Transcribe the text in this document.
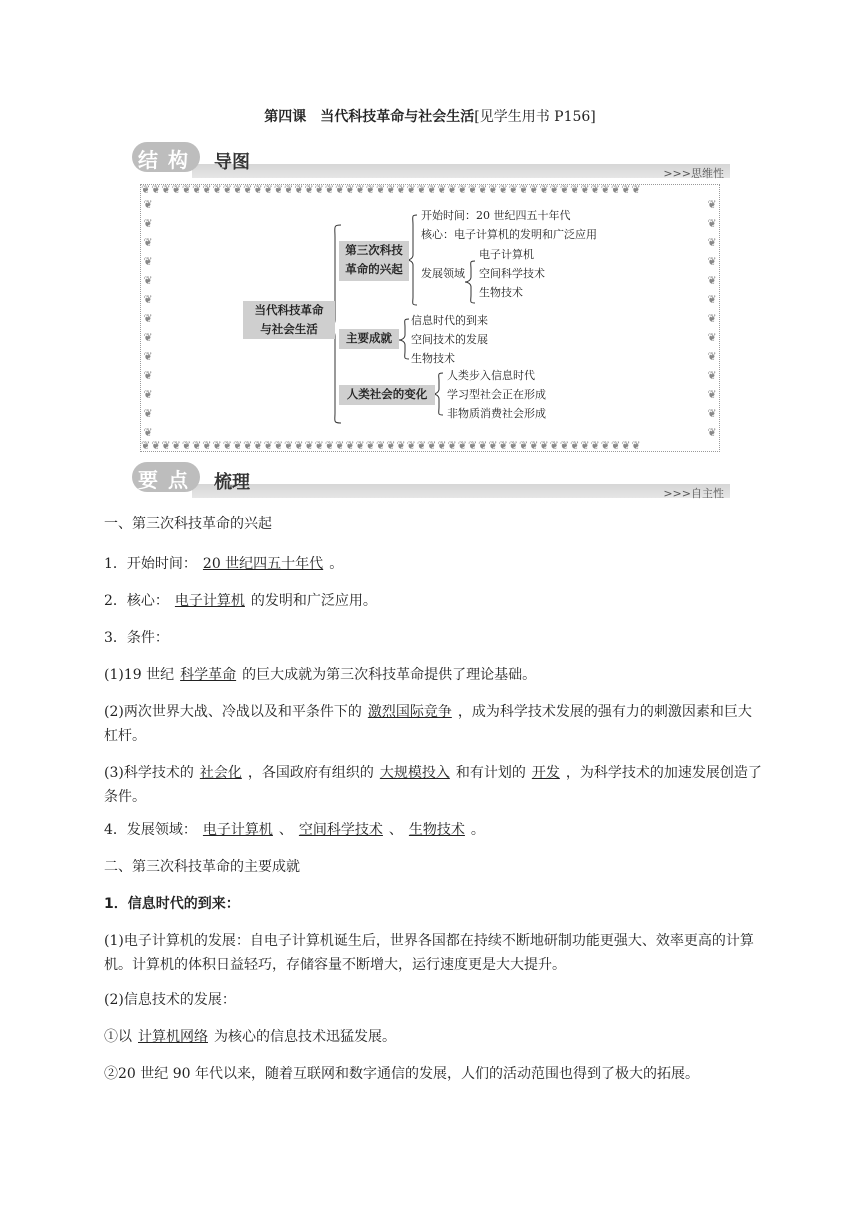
第四课　当代科技革命与社会生活[见学生用书 P156]
结 构 导图
>>>思维性
❦❦❦❦❦❦❦❦❦❦❦❦❦❦❦❦❦❦❦❦❦❦❦❦❦❦❦❦❦❦❦❦❦❦❦❦❦❦❦❦❦❦❦❦❦❦❦❦❦
❦❦❦❦❦❦❦❦❦❦❦❦❦❦❦❦❦❦❦❦❦❦❦❦❦❦❦❦❦❦❦❦❦❦❦❦❦❦❦❦❦❦❦❦❦❦❦❦❦
❦ ❦ ❦ ❦ ❦ ❦ ❦ ❦ ❦ ❦ ❦ ❦ ❦
❦ ❦ ❦ ❦ ❦ ❦ ❦ ❦ ❦ ❦ ❦ ❦ ❦
当代科技革命
与社会生活
第三次科技
革命的兴起
开始时间：20 世纪四五十年代
核心：电子计算机的发明和广泛应用
发展领域
电子计算机
空间科学技术
生物技术
主要成就
信息时代的到来
空间技术的发展
生物技术
人类社会的变化
人类步入信息时代
学习型社会正在形成
非物质消费社会形成
要 点 梳理
>>>自主性
一、第三次科技革命的兴起
1．开始时间： 20 世纪四五十年代 。
2．核心： 电子计算机 的发明和广泛应用。
3．条件：
(1)19 世纪 科学革命 的巨大成就为第三次科技革命提供了理论基础。
(2)两次世界大战、冷战以及和平条件下的 激烈国际竞争 ，成为科学技术发展的强有力的刺激因素和巨大杠杆。
(3)科学技术的 社会化 ，各国政府有组织的 大规模投入 和有计划的 开发 ，为科学技术的加速发展创造了条件。
4．发展领域： 电子计算机 、 空间科学技术 、 生物技术 。
二、第三次科技革命的主要成就
1．信息时代的到来：
(1)电子计算机的发展：自电子计算机诞生后，世界各国都在持续不断地研制功能更强大、效率更高的计算机。计算机的体积日益轻巧，存储容量不断增大，运行速度更是大大提升。
(2)信息技术的发展：
①以 计算机网络 为核心的信息技术迅猛发展。
②20 世纪 90 年代以来，随着互联网和数字通信的发展，人们的活动范围也得到了极大的拓展。
